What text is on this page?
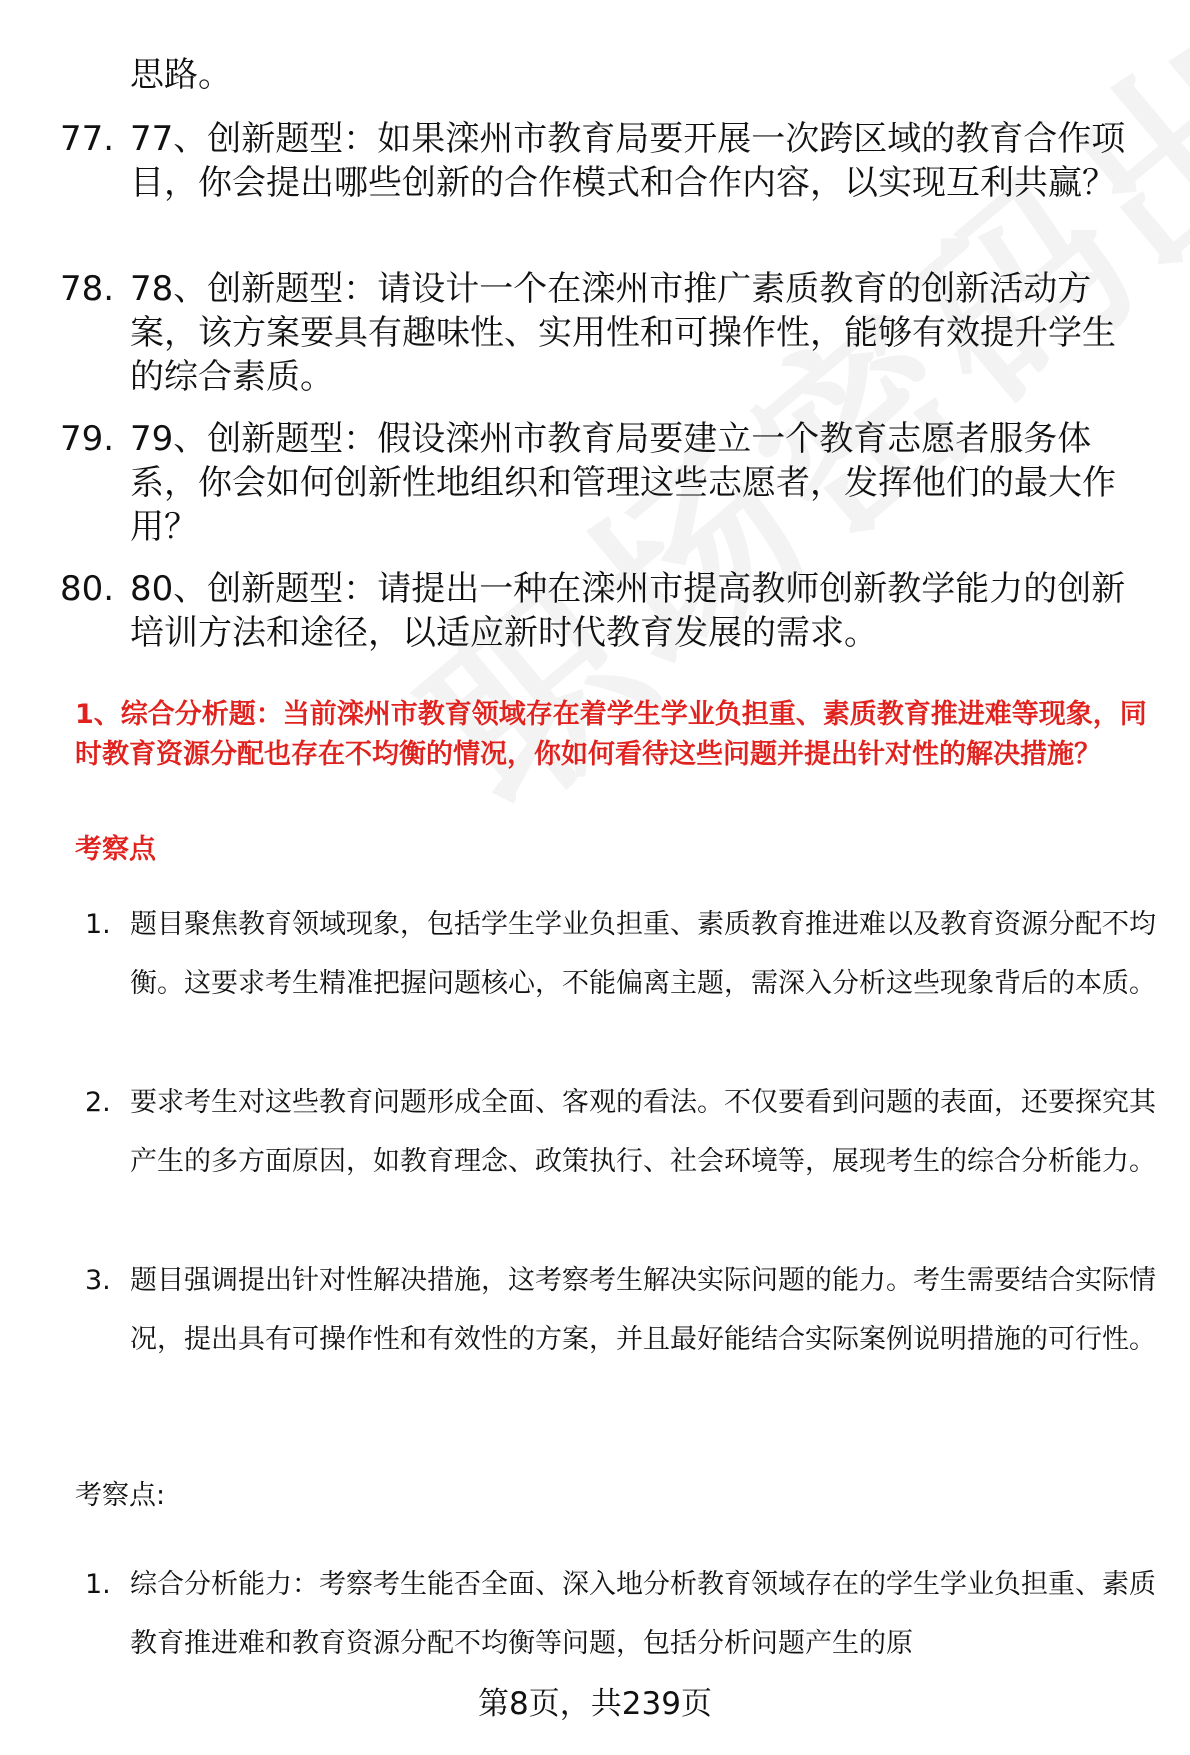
思路。
77. 77、创新题型：如果滦州市教育局要开展一次跨区域的教育合作项目，你会提出哪些创新的合作模式和合作内容，以实现互利共赢？
78. 78、创新题型：请设计一个在滦州市推广素质教育的创新活动方案，该方案要具有趣味性、实用性和可操作性，能够有效提升学生的综合素质。
79. 79、创新题型：假设滦州市教育局要建立一个教育志愿者服务体系，你会如何创新性地组织和管理这些志愿者，发挥他们的最大作用？
80. 80、创新题型：请提出一种在滦州市提高教师创新教学能力的创新培训方法和途径，以适应新时代教育发展的需求。
1、综合分析题：当前滦州市教育领域存在着学生学业负担重、素质教育推进难等现象，同时教育资源分配也存在不均衡的情况，你如何看待这些问题并提出针对性的解决措施？
考察点
1. 题目聚焦教育领域现象，包括学生学业负担重、素质教育推进难以及教育资源分配不均衡。这要求考生精准把握问题核心，不能偏离主题，需深入分析这些现象背后的本质。
2. 要求考生对这些教育问题形成全面、客观的看法。不仅要看到问题的表面，还要探究其产生的多方面原因，如教育理念、政策执行、社会环境等，展现考生的综合分析能力。
3. 题目强调提出针对性解决措施，这考察考生解决实际问题的能力。考生需要结合实际情况，提出具有可操作性和有效性的方案，并且最好能结合实际案例说明措施的可行性。
考察点:
1. 综合分析能力：考察考生能否全面、深入地分析教育领域存在的学生学业负担重、素质教育推进难和教育资源分配不均衡等问题，包括分析问题产生的原
第8页，共239页
